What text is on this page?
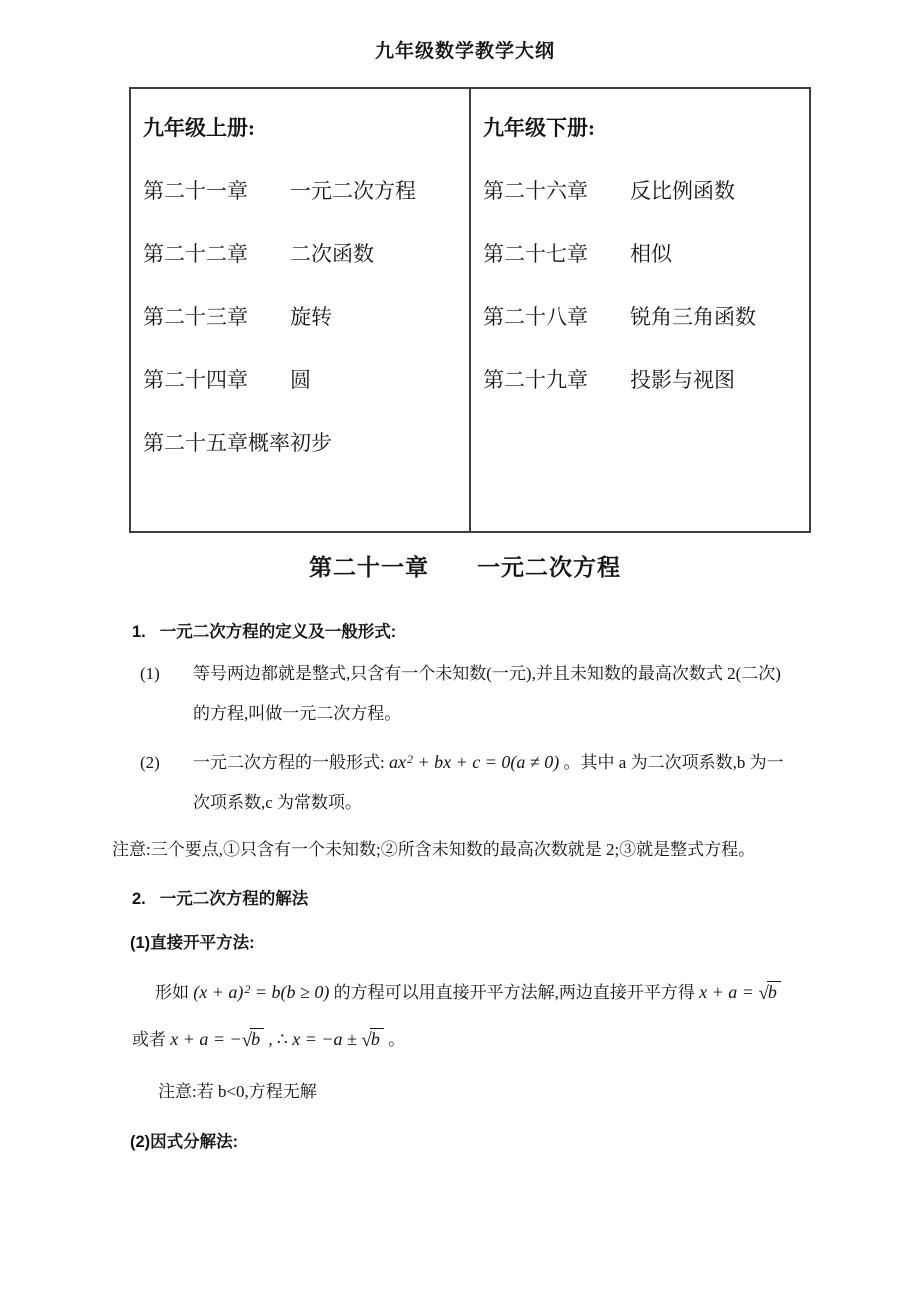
九年级数学教学大纲

九年级上册:

第二十一章　　一元二次方程

第二十二章　　二次函数

第二十三章　　旋转

第二十四章　　圆

第二十五章概率初步

九年级下册:

第二十六章　　反比例函数

第二十七章　　相似

第二十八章　　锐角三角函数

第二十九章　　投影与视图

第二十一章　　一元二次方程
1. 一元二次方程的定义及一般形式:
(1) 等号两边都就是整式,只含有一个未知数(一元),并且未知数的最高次数式 2(二次)
的方程,叫做一元二次方程。
(2) 一元二次方程的一般形式: $ax^2$ + bx + c = 0(a ≠ 0) 。其中 a 为二次项系数,b 为一
次项系数,c 为常数项。
注意:三个要点,①只含有一个未知数;②所含未知数的最高次数就是 2;③就是整式方程。
2. 一元二次方程的解法
(1)直接开平方法:
形如 $(x + a)^2 = b(b \ge 0)$ 的方程可以用直接开平方法解,两边直接开平方得 x + a = √b
或者 x + a = −√b , ∴ x = −a ± √b 。
注意:若 b<0,方程无解
(2)因式分解法:
